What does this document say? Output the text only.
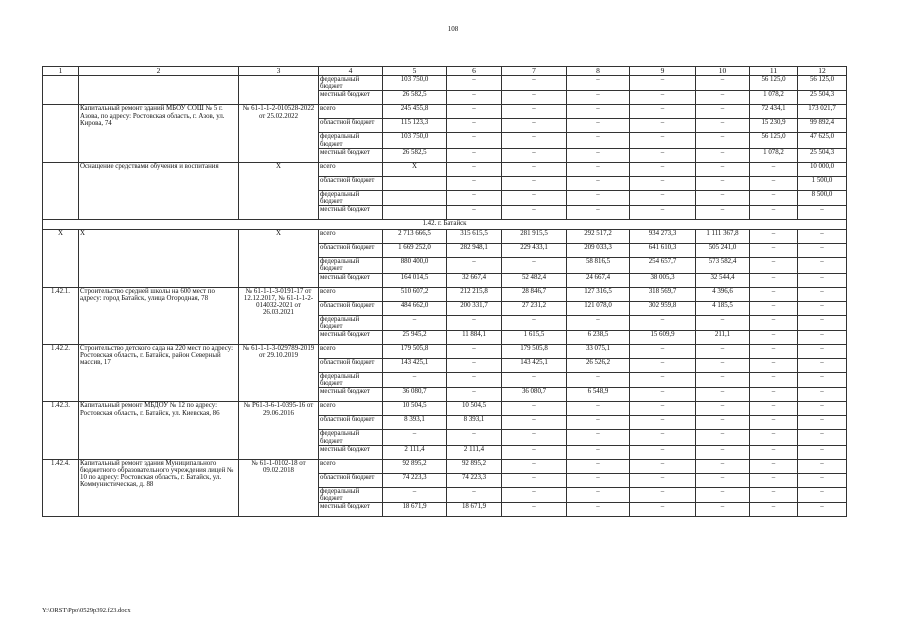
108
1	2	3	4	5	6	7	8	9	10	11	12
			федеральный бюджет	103 750,0	–	–	–	–	–	56 125,0	56 125,0
			местный бюджет	26 582,5	–	–	–	–	–	1 078,2	25 504,3
	Капитальный ремонт зданий МБОУ СОШ № 5 г. Азова, по адресу: Ростовская область, г. Азов, ул. Кирова, 74	№ 61-1-1-2-010528-2022 от 25.02.2022	всего	245 455,8	–	–	–	–	–	72 434,1	173 021,7
			областной бюджет	115 123,3	–	–	–	–	–	15 230,9	99 892,4
			федеральный бюджет	103 750,0	–	–	–	–	–	56 125,0	47 625,0
			местный бюджет	26 582,5	–	–	–	–	–	1 078,2	25 504,3
	Оснащение средствами обучения и воспитания	Х	всего	Х	–	–	–	–	–	–	10 000,0
			областной бюджет		–	–	–	–	–	–	1 500,0
			федеральный бюджет		–	–	–	–	–	–	8 500,0
			местный бюджет		–	–	–	–	–	–	–
1.42. г. Батайск											
Х	Х	Х	всего	2 713 666,5	315 615,5	281 915,5	292 517,2	934 273,3	1 111 367,8	–	–
			областной бюджет	1 669 252,0	282 948,1	229 433,1	209 033,3	641 610,3	505 241,0	–	–
			федеральный бюджет	880 400,0	–	–	58 816,5	254 657,7	573 582,4	–	–
			местный бюджет	164 014,5	32 667,4	52 482,4	24 667,4	38 005,3	32 544,4	–	–
1.42.1.	Строительство средней школы на 600 мест по адресу: город Батайск, улица Огородная, 78	№ 61-1-1-3-0191-17 от 12.12.2017, № 61-1-1-2-014032-2021 от 26.03.2021	всего	510 607,2	212 215,8	28 846,7	127 316,5	318 569,7	4 396,6	–	–
			областной бюджет	484 662,0	200 331,7	27 231,2	121 078,0	302 959,8	4 185,5	–	–
			федеральный бюджет	–	–	–	–	–	–	–	–
			местный бюджет	25 945,2	11 884,1	1 615,5	6 238,5	15 609,9	211,1	–	–
1.42.2.	Строительство детского сада на 220 мест по адресу: Ростовская область, г. Батайск, район Северный массив, 17	№ 61-1-1-3-029789-2019 от 29.10.2019	всего	179 505,8	–	179 505,8	33 075,1	–	–	–	–
			областной бюджет	143 425,1	–	143 425,1	26 526,2	–	–	–	–
			федеральный бюджет	–	–	–	–	–	–	–	–
			местный бюджет	36 080,7	–	36 080,7	6 548,9	–	–	–	–
1.42.3.	Капитальный ремонт МБДОУ № 12 по адресу: Ростовская область, г. Батайск, ул. Киевская, 86	№ Р61-3-6-1-0395-16 от 29.06.2016	всего	10 504,5	10 504,5	–	–	–	–	–	–
			областной бюджет	8 393,1	8 393,1	–	–	–	–	–	–
			федеральный бюджет	–	–	–	–	–	–	–	–
			местный бюджет	2 111,4	2 111,4	–	–	–	–	–	–
1.42.4.	Капитальный ремонт здания Муниципального бюджетного образовательного учреждения лицей № 10 по адресу: Ростовская область, г. Батайск, ул. Коммунистическая, д. 88	№ 61-1-0102-18 от 09.02.2018	всего	92 895,2	92 895,2	–	–	–	–	–	–
			областной бюджет	74 223,3	74 223,3	–	–	–	–	–	–
			федеральный бюджет	–	–	–	–	–	–	–	–
			местный бюджет	18 671,9	18 671,9	–	–	–	–	–	–
Y:\ORST\Ppo\0529p392.f23.docx
